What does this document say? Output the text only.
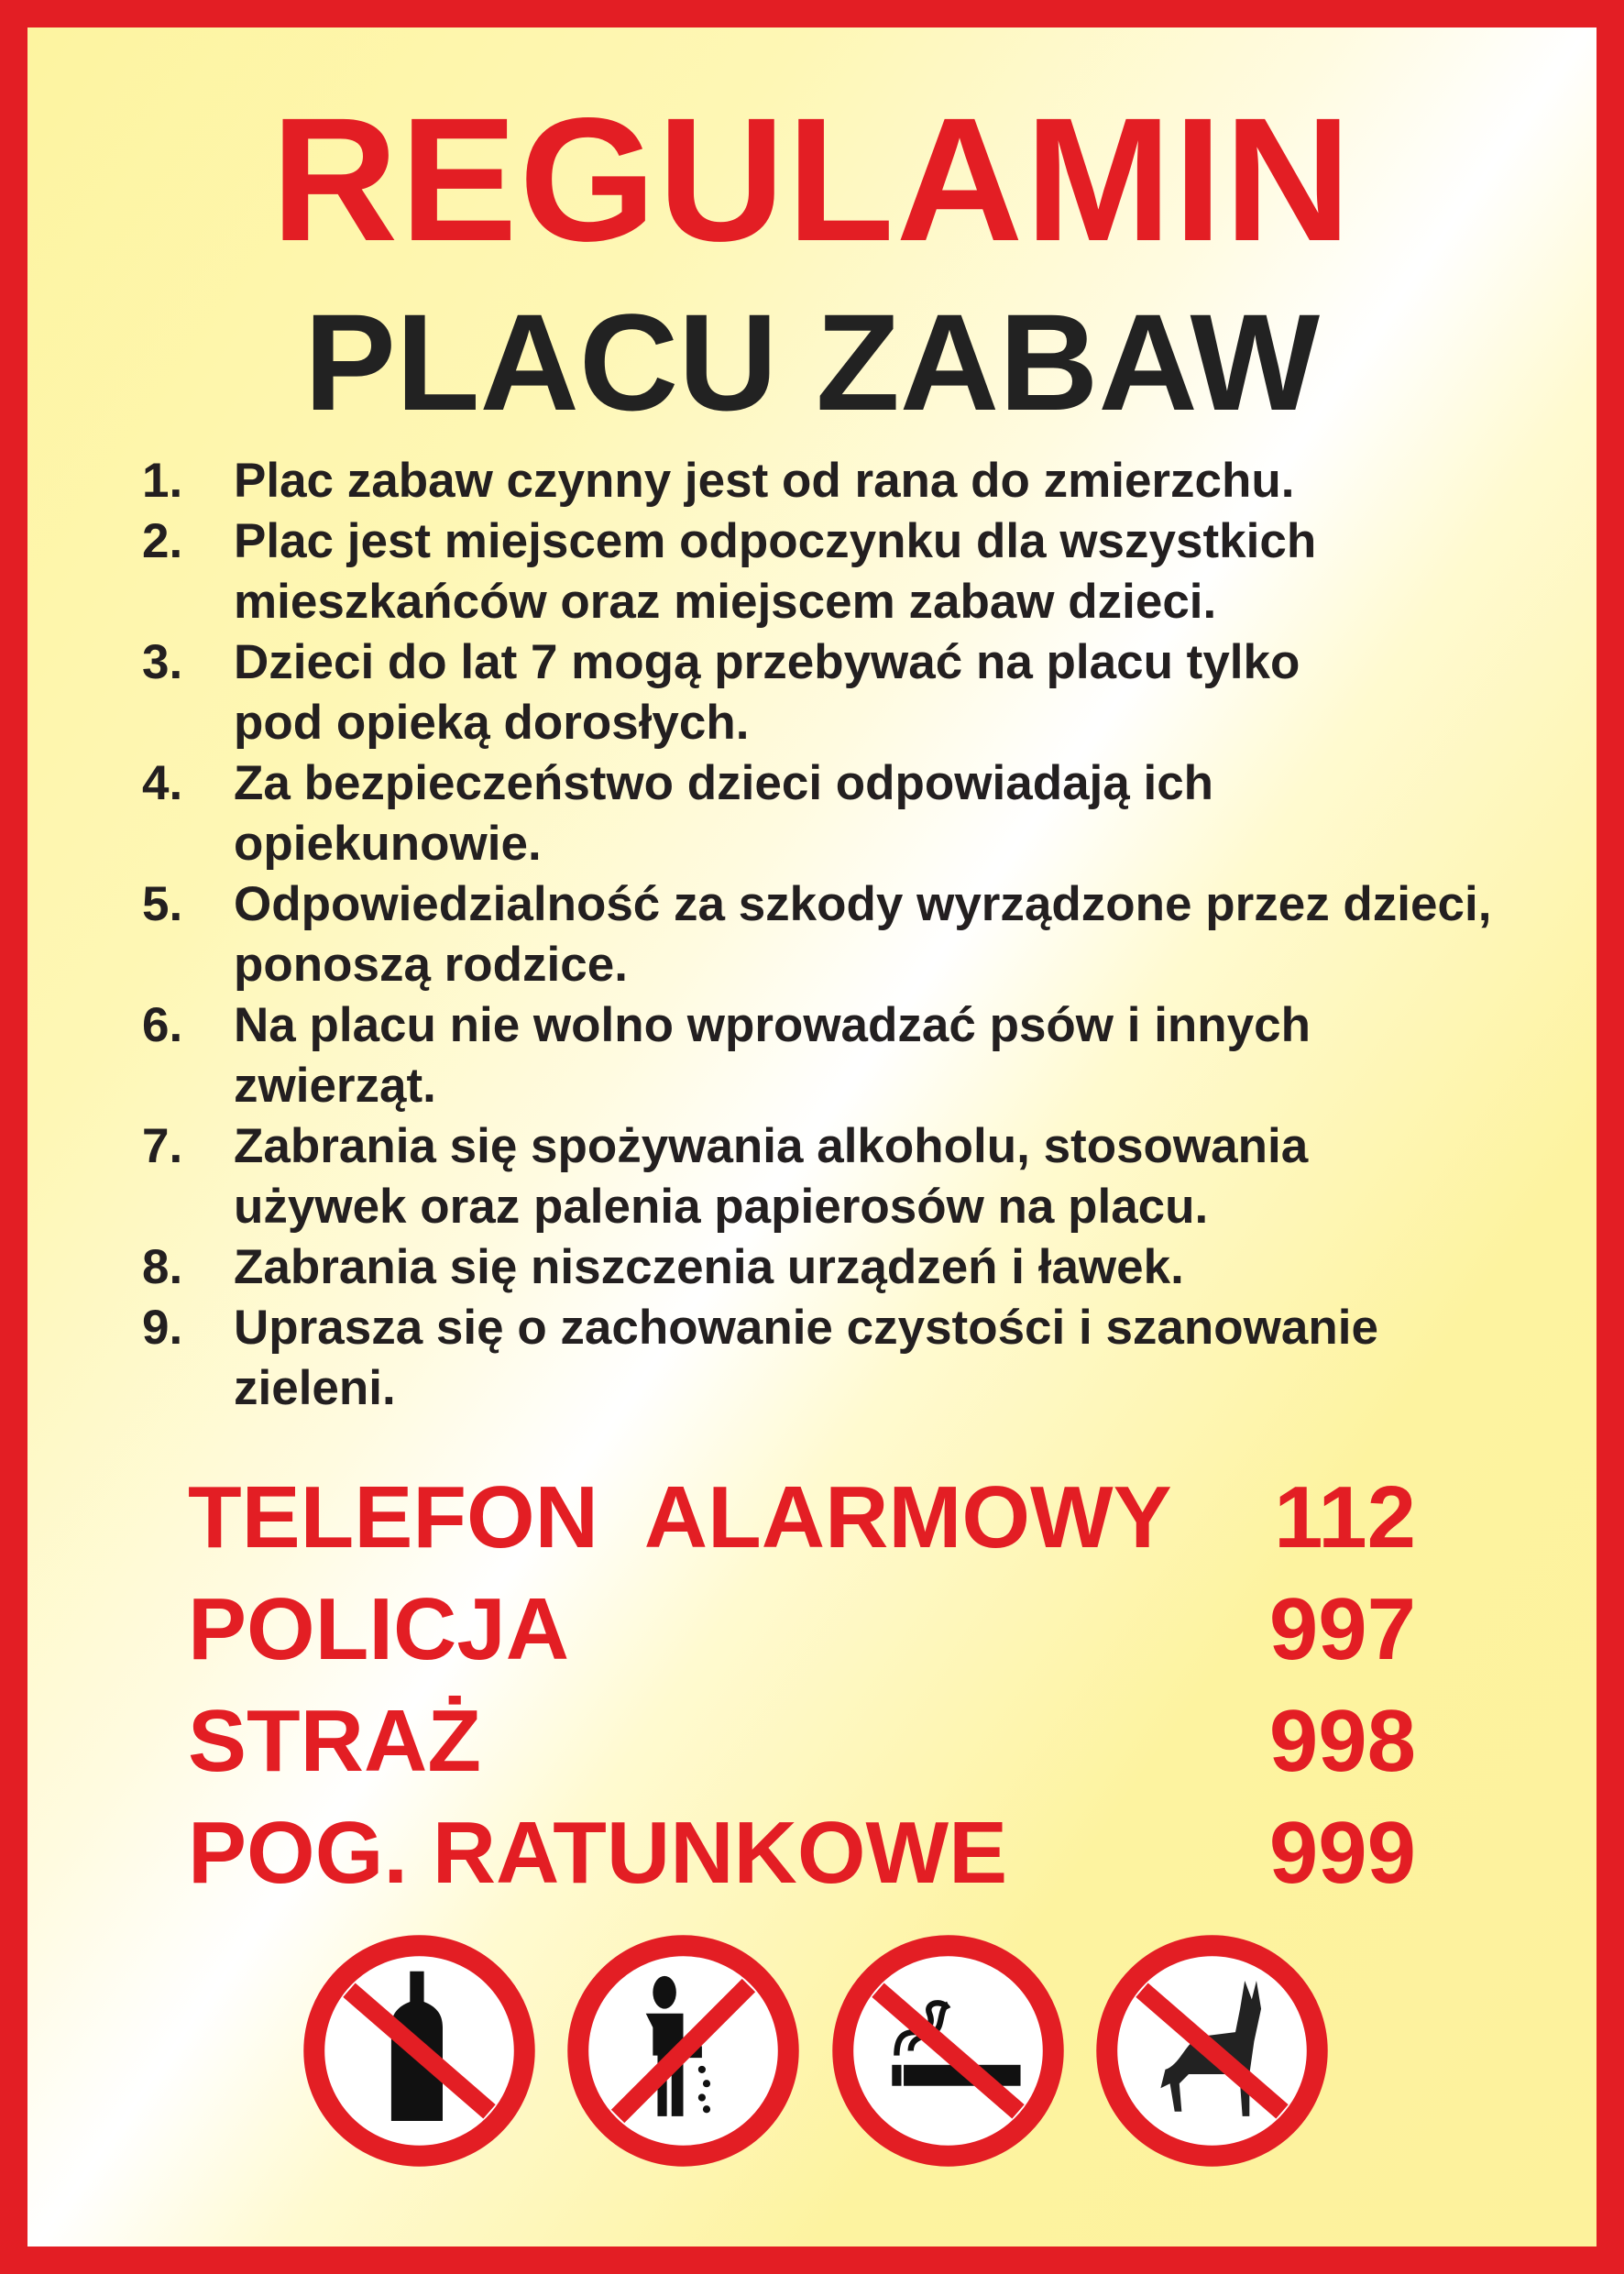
REGULAMIN
PLACU ZABAW
1.	Plac zabaw czynny jest od rana do zmierzchu.
2.	Plac jest miejscem odpoczynku dla wszystkich mieszkańców oraz miejscem zabaw dzieci.
3.	Dzieci do lat 7 mogą przebywać na placu tylko pod opieką dorosłych.
4.	Za bezpieczeństwo dzieci odpowiadają ich opiekunowie.
5.	Odpowiedzialność za szkody wyrządzone przez dzieci, ponoszą rodzice.
6.	Na placu nie wolno wprowadzać psów i innych zwierząt.
7.	Zabrania się spożywania alkoholu, stosowania używek oraz palenia papierosów na placu.
8.	Zabrania się niszczenia urządzeń i ławek.
9.	Uprasza się o zachowanie czystości i szanowanie zieleni.
TELEFON  ALARMOWY 112
POLICJA	997
STRAŻ	998
POG. RATUNKOWE	999
